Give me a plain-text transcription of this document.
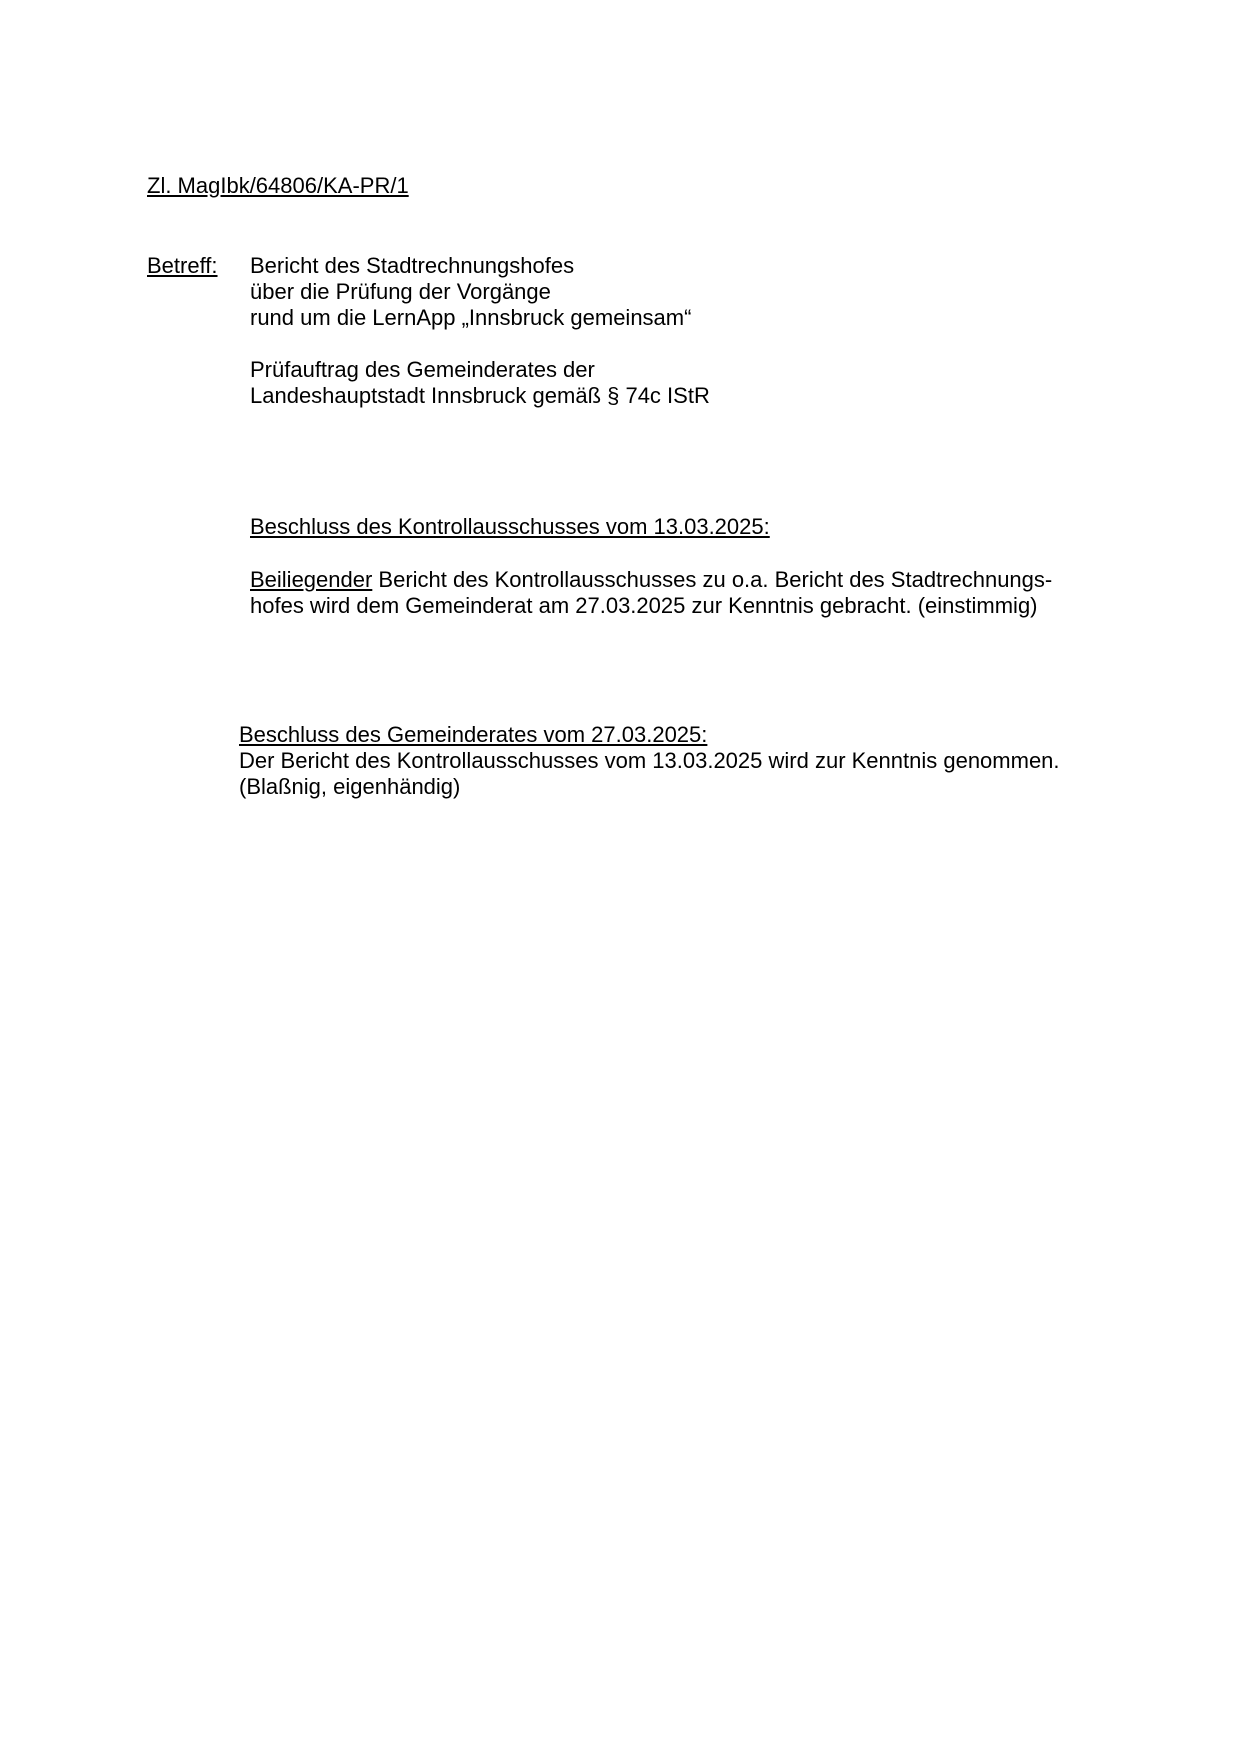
Zl. MagIbk/64806/KA-PR/1
Betreff: Bericht des Stadtrechnungshofes
über die Prüfung der Vorgänge
rund um die LernApp „Innsbruck gemeinsam“
Prüfauftrag des Gemeinderates der
Landeshauptstadt Innsbruck gemäß § 74c IStR
Beschluss des Kontrollausschusses vom 13.03.2025:
Beiliegender Bericht des Kontrollausschusses zu o.a. Bericht des Stadtrechnungs-
hofes wird dem Gemeinderat am 27.03.2025 zur Kenntnis gebracht. (einstimmig)
Beschluss des Gemeinderates vom 27.03.2025:
Der Bericht des Kontrollausschusses vom 13.03.2025 wird zur Kenntnis genommen.
(Blaßnig, eigenhändig)
